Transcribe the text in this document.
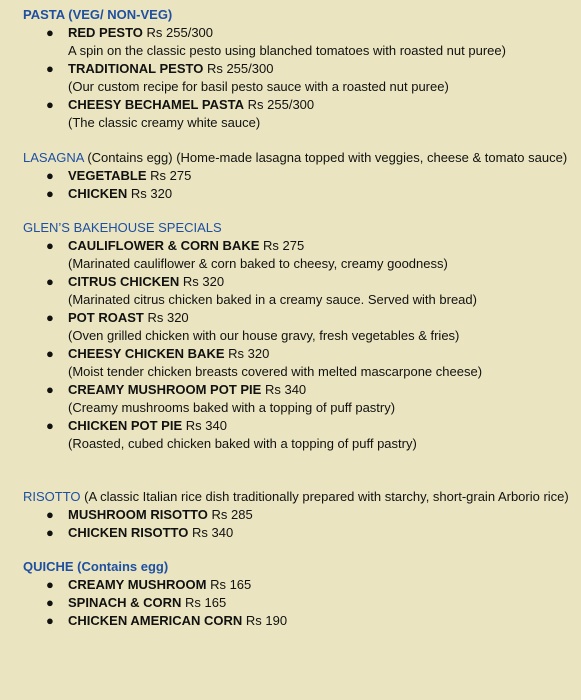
PASTA (VEG/ NON-VEG)

● RED PESTO Rs 255/300
A spin on the classic pesto using blanched tomatoes with roasted nut puree)
● TRADITIONAL PESTO Rs 255/300
(Our custom recipe for basil pesto sauce with a roasted nut puree)
● CHEESY BECHAMEL PASTA Rs 255/300
(The classic creamy white sauce)

LASAGNA (Contains egg) (Home-made lasagna topped with veggies, cheese & tomato sauce)

● VEGETABLE Rs 275
● CHICKEN Rs 320

GLEN’S BAKEHOUSE SPECIALS

● CAULIFLOWER & CORN BAKE Rs 275
(Marinated cauliflower & corn baked to cheesy, creamy goodness)
● CITRUS CHICKEN Rs 320
(Marinated citrus chicken baked in a creamy sauce. Served with bread)
● POT ROAST Rs 320
(Oven grilled chicken with our house gravy, fresh vegetables & fries)
● CHEESY CHICKEN BAKE Rs 320
(Moist tender chicken breasts covered with melted mascarpone cheese)
● CREAMY MUSHROOM POT PIE Rs 340
(Creamy mushrooms baked with a topping of puff pastry)
● CHICKEN POT PIE Rs 340
(Roasted, cubed chicken baked with a topping of puff pastry)

RISOTTO (A classic Italian rice dish traditionally prepared with starchy, short-grain Arborio rice)

● MUSHROOM RISOTTO Rs 285
● CHICKEN RISOTTO Rs 340

QUICHE (Contains egg)

● CREAMY MUSHROOM Rs 165
● SPINACH & CORN Rs 165
● CHICKEN AMERICAN CORN Rs 190
